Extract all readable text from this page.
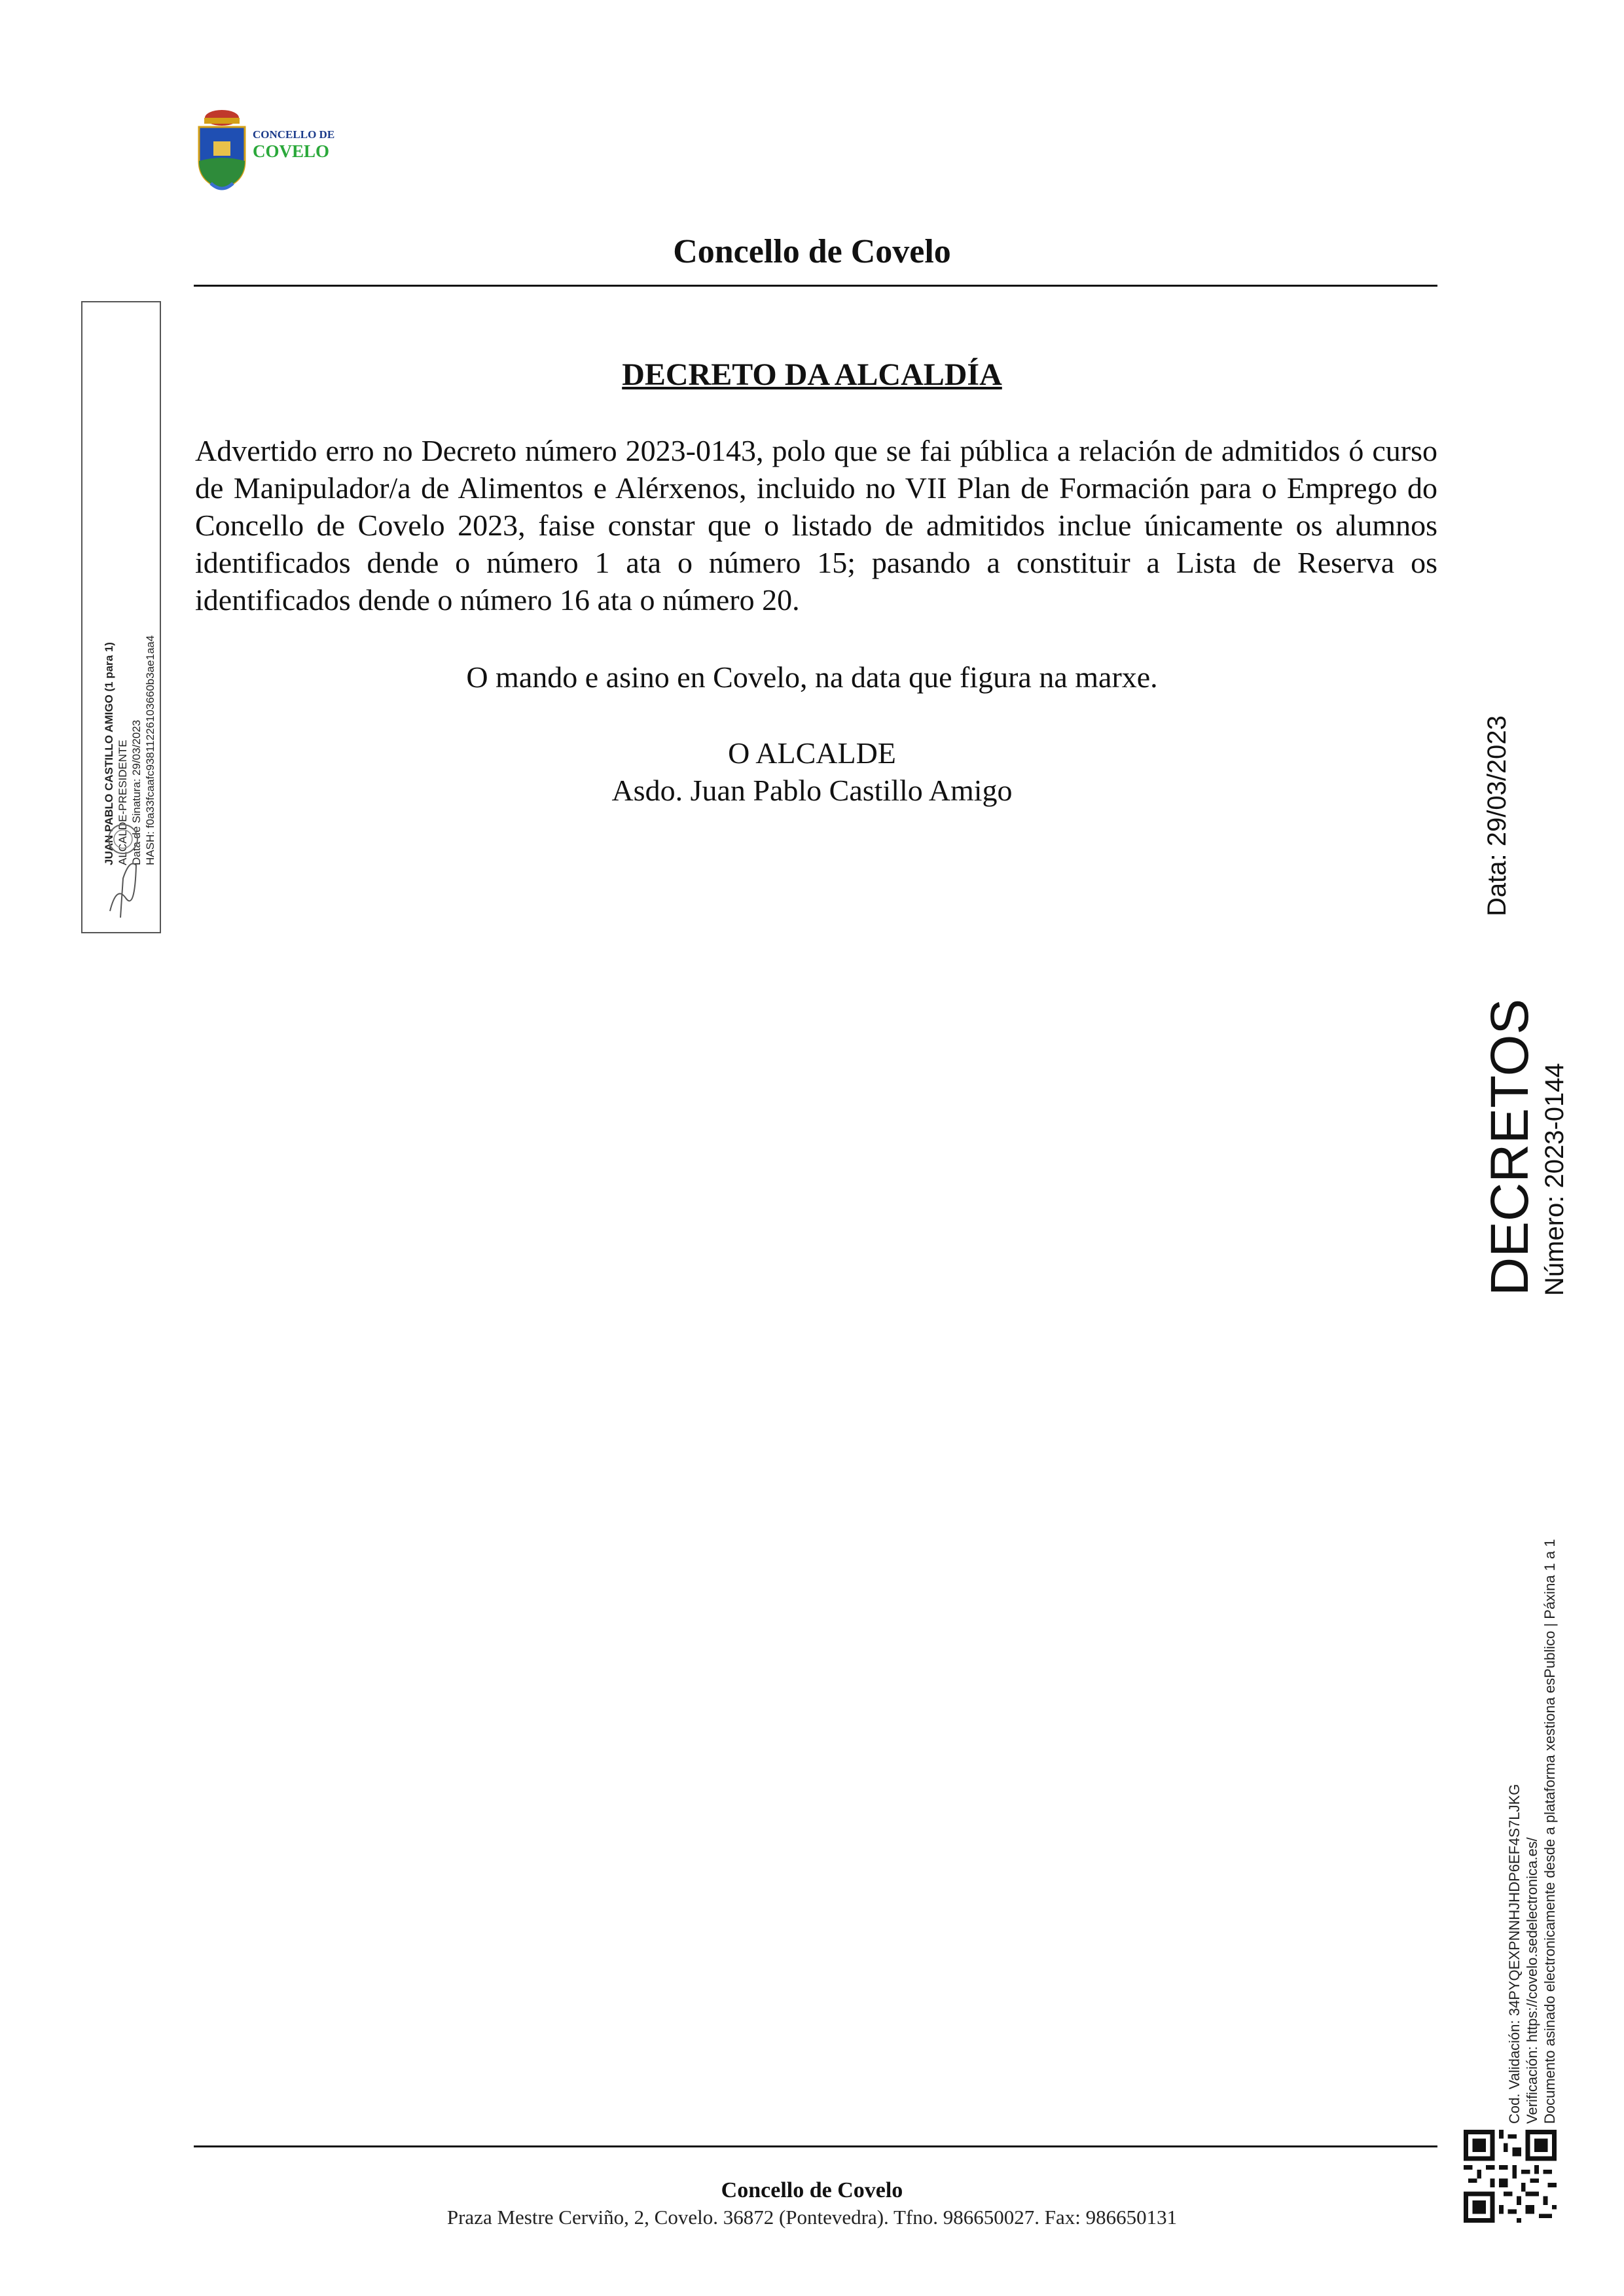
CONCELLO DE
COVELO
Concello de Covelo
JUAN PABLO CASTILLO AMIGO (1 para 1) ALCALDE-PRESIDENTE Data de Sinatura: 29/03/2023 HASH: f0a33fcaafc93811226103660b3ae1aa4
DECRETO DA ALCALDÍA

Advertido erro no Decreto número 2023-0143, polo que se fai pública a relación de admitidos ó curso de Manipulador/a de Alimentos e Alérxenos, incluido no VII Plan de Formación para o Emprego do Concello de Covelo 2023, faise constar que o listado de admitidos inclue únicamente os alumnos identificados dende o número 1 ata o número 15; pasando a constituir a Lista de Reserva os identificados dende o número 16 ata o número 20.

O mando e asino en Covelo, na data que figura na marxe.
O ALCALDE
Asdo. Juan Pablo Castillo Amigo
DECRETOS Número: 2023-0144
Data: 29/03/2023
Cod. Validación: 34PYQEXPNNHJHDP6EF4S7LJKG Verificación: https://covelo.sedelectronica.es/ Documento asinado electronicamente desde a plataforma xestiona esPublico | Páxina 1 a 1
Concello de Covelo
Praza Mestre Cerviño, 2, Covelo. 36872 (Pontevedra). Tfno. 986650027. Fax: 986650131
